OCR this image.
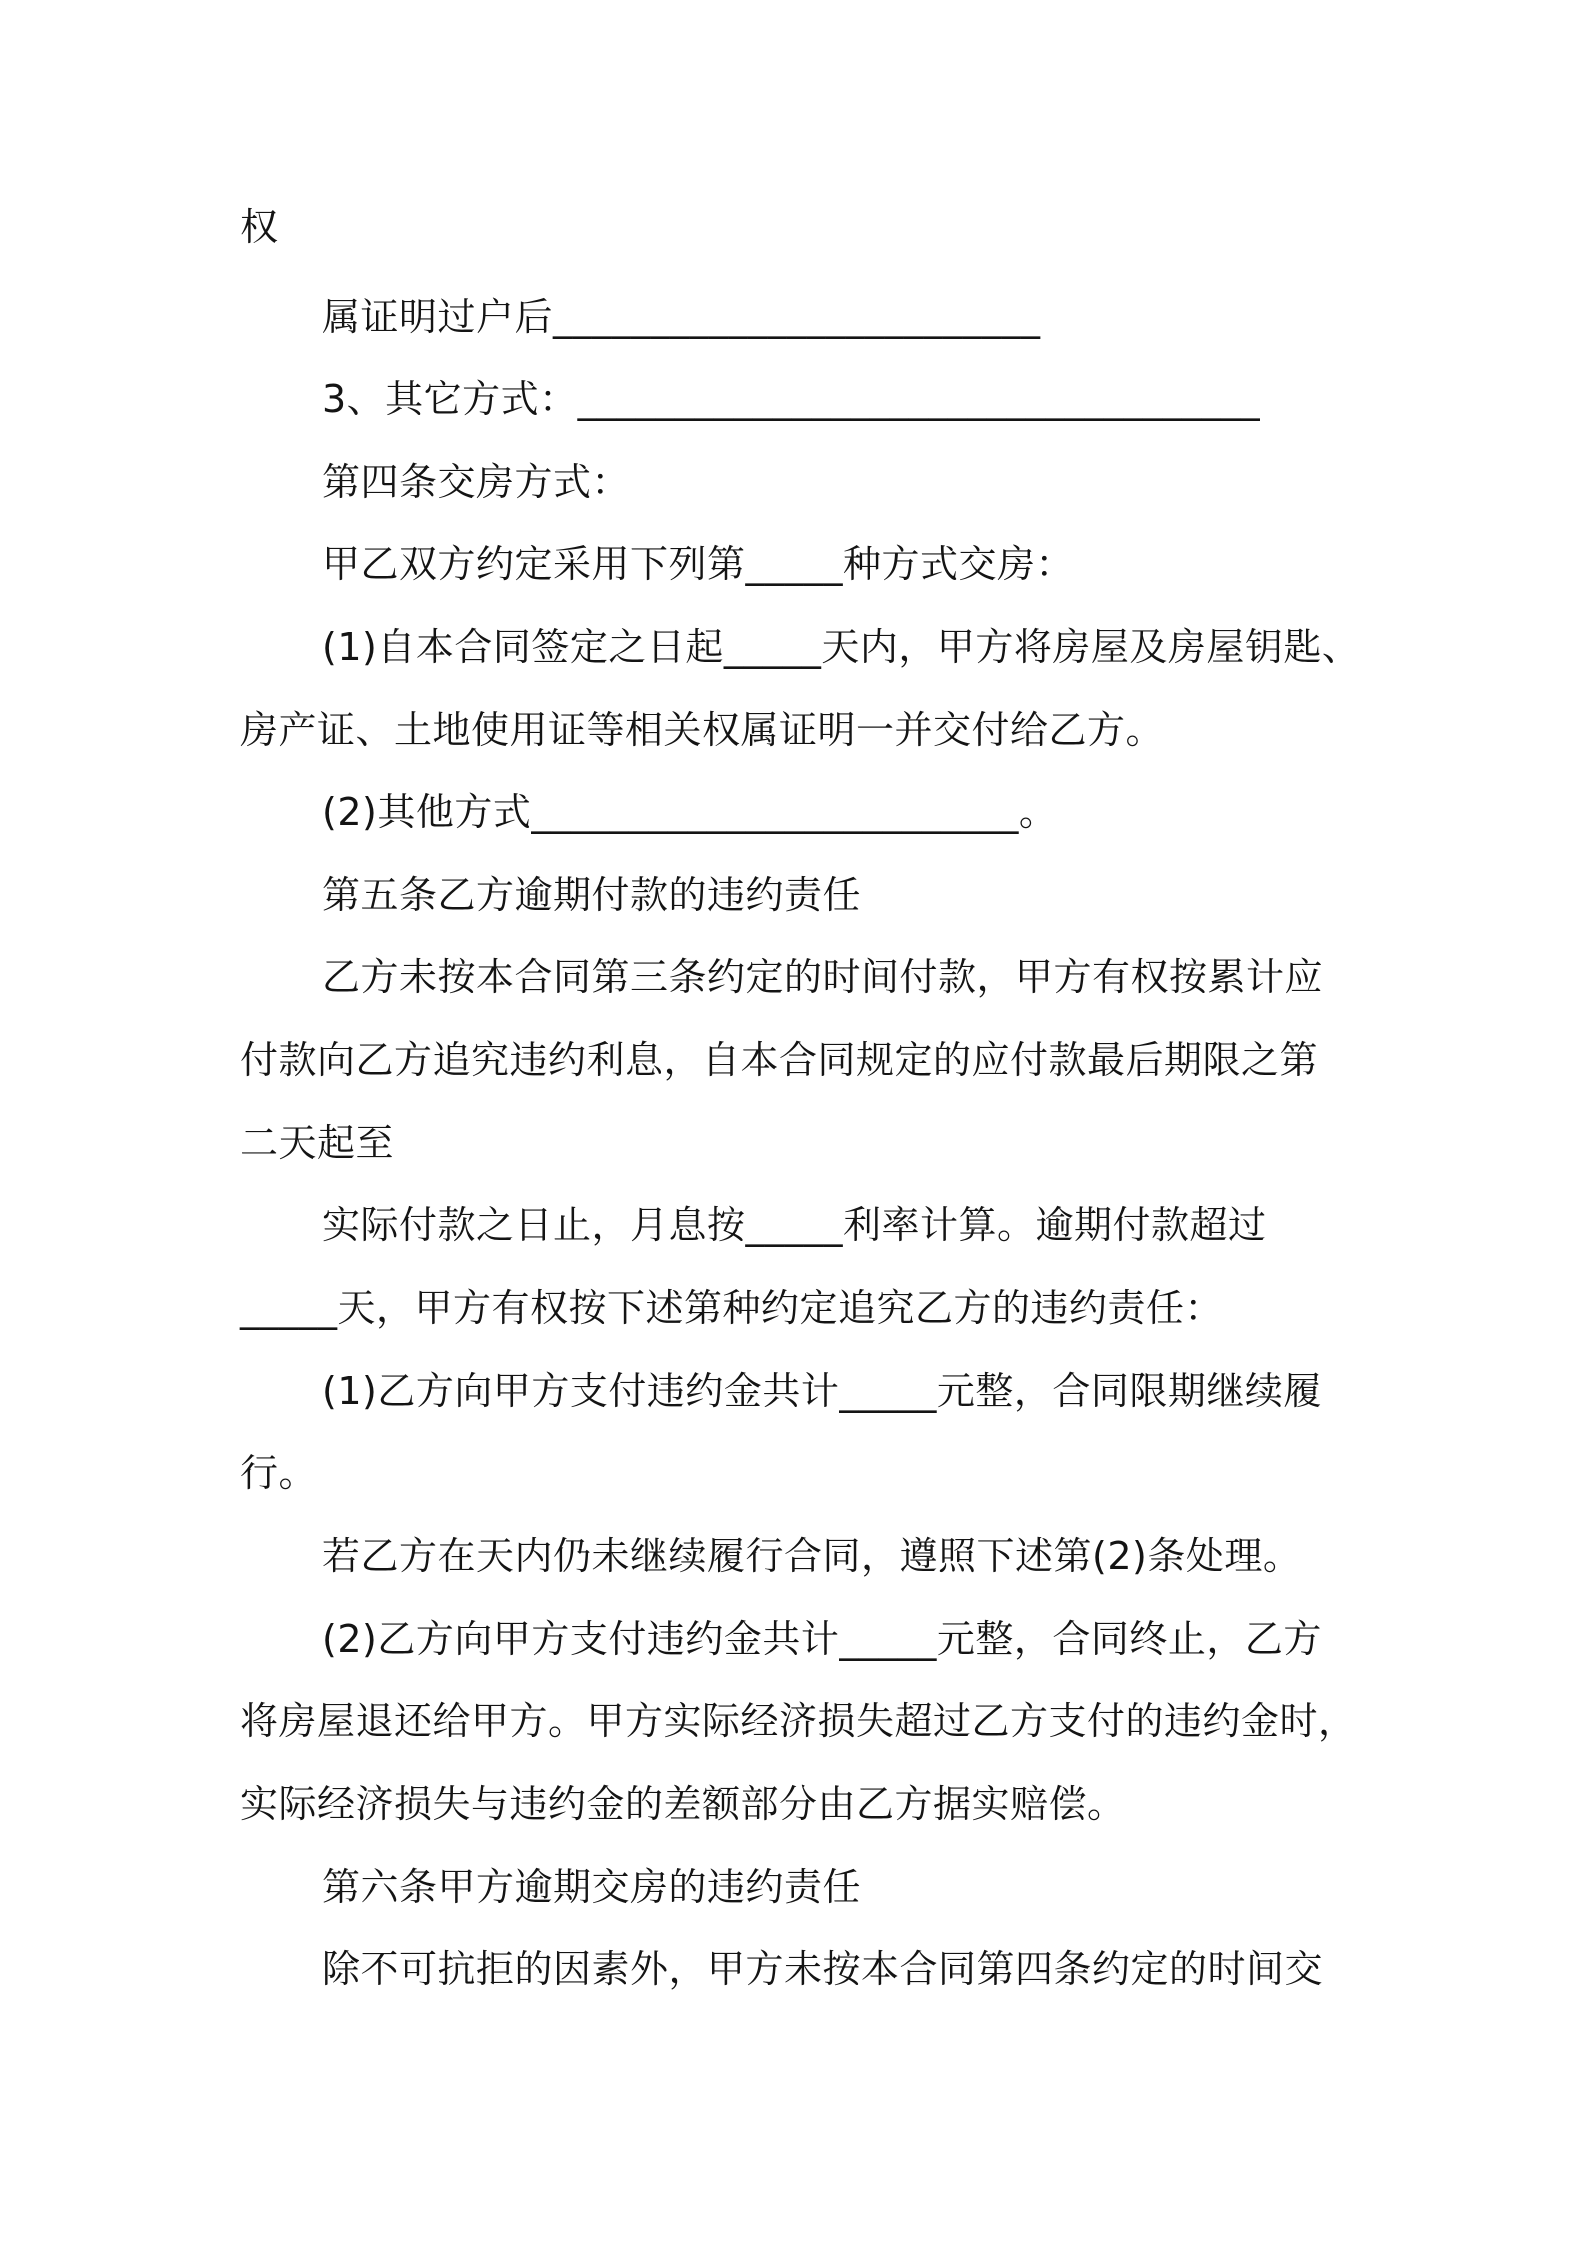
权
属证明过户后_________________________
3、其它方式：___________________________________
第四条交房方式：
甲乙双方约定采用下列第_____种方式交房：
(1)自本合同签定之日起_____天内，甲方将房屋及房屋钥匙、
房产证、土地使用证等相关权属证明一并交付给乙方。
(2)其他方式_________________________。
第五条乙方逾期付款的违约责任
乙方未按本合同第三条约定的时间付款，甲方有权按累计应
付款向乙方追究违约利息，自本合同规定的应付款最后期限之第
二天起至
实际付款之日止，月息按_____利率计算。逾期付款超过
_____天，甲方有权按下述第种约定追究乙方的违约责任：
(1)乙方向甲方支付违约金共计_____元整，合同限期继续履
行。
若乙方在天内仍未继续履行合同，遵照下述第(2)条处理。
(2)乙方向甲方支付违约金共计_____元整，合同终止，乙方
将房屋退还给甲方。甲方实际经济损失超过乙方支付的违约金时，
实际经济损失与违约金的差额部分由乙方据实赔偿。
第六条甲方逾期交房的违约责任
除不可抗拒的因素外，甲方未按本合同第四条约定的时间交
